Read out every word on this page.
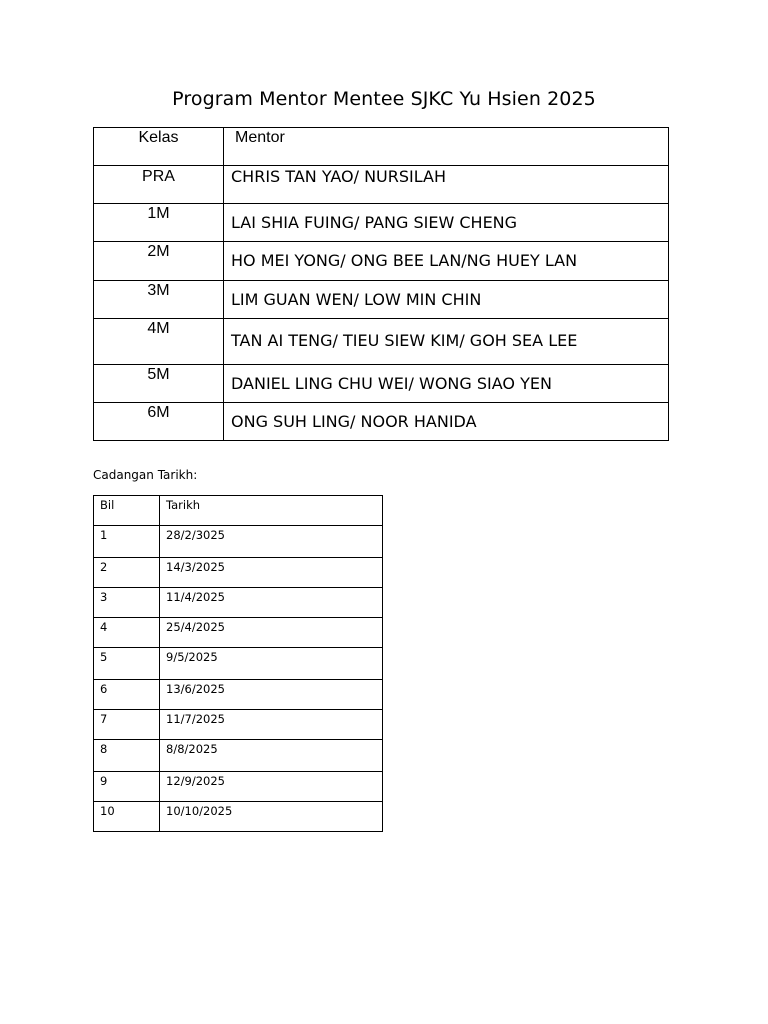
Program Mentor Mentee SJKC Yu Hsien 2025
Kelas	Mentor
PRA	CHRIS TAN YAO/ NURSILAH
1M	LAI SHIA FUING/ PANG SIEW CHENG
2M	HO MEI YONG/ ONG BEE LAN/NG HUEY LAN
3M	LIM GUAN WEN/ LOW MIN CHIN
4M	TAN AI TENG/ TIEU SIEW KIM/ GOH SEA LEE
5M	DANIEL LING CHU WEI/ WONG SIAO YEN
6M	ONG SUH LING/ NOOR HANIDA
Cadangan Tarikh:
Bil	Tarikh
1	28/2/3025
2	14/3/2025
3	11/4/2025
4	25/4/2025
5	9/5/2025
6	13/6/2025
7	11/7/2025
8	8/8/2025
9	12/9/2025
10	10/10/2025
